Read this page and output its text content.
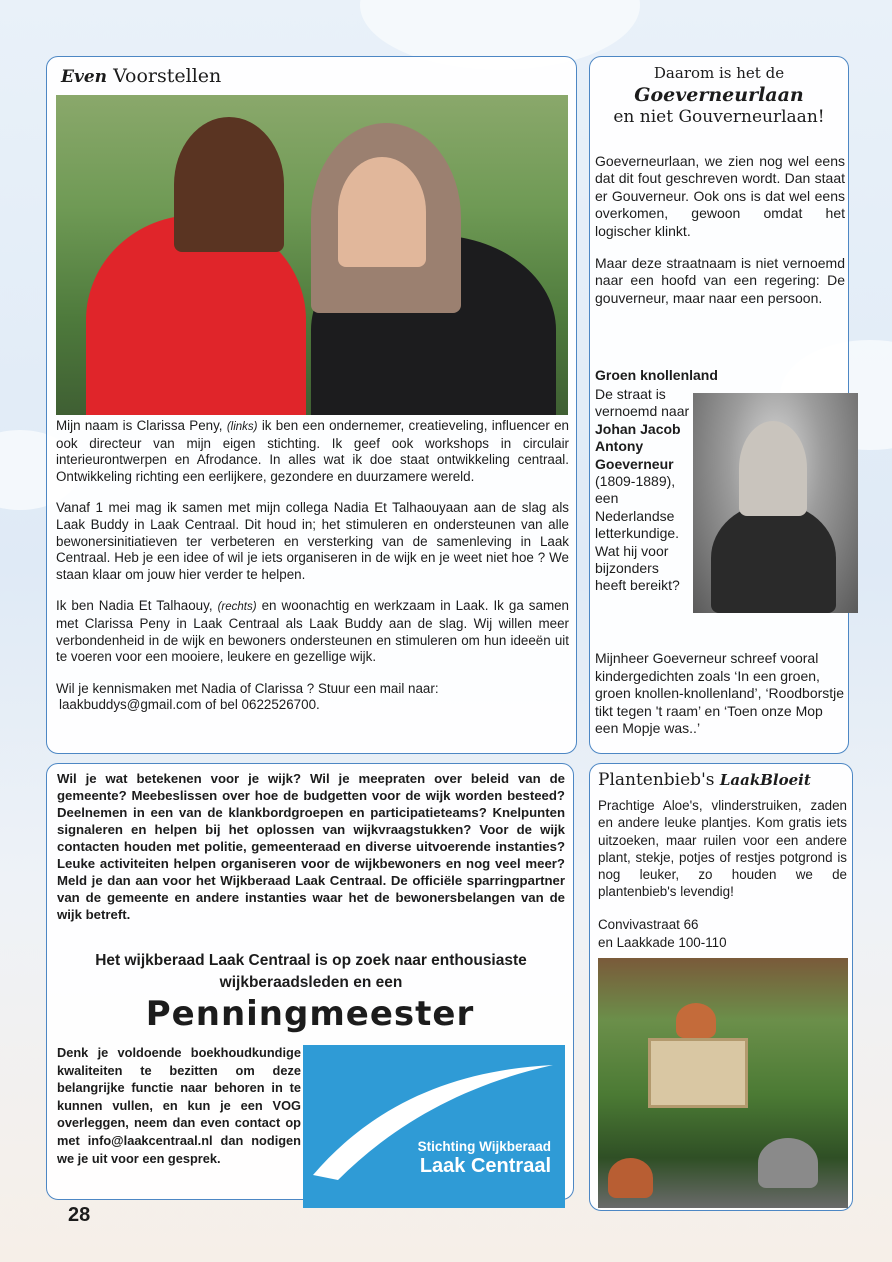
Even Voorstellen

Mijn naam is Clarissa Peny, (links) ik ben een ondernemer, creatieveling, influencer en ook directeur van mijn eigen stichting. Ik geef ook workshops in circulair interieurontwerpen en Afrodance. In alles wat ik doe staat ontwikkeling centraal. Ontwikkeling richting een eerlijkere, gezondere en duurzamere wereld.

Vanaf 1 mei mag ik samen met mijn collega Nadia Et Talhaouyaan aan de slag als Laak Buddy in Laak Centraal. Dit houd in; het stimuleren en ondersteunen van alle bewonersinitiatieven ter verbeteren en versterking van de samenleving in Laak Centraal. Heb je een idee of wil je iets organiseren in de wijk en je weet niet hoe ? We staan klaar om jouw hier verder te helpen.

Ik ben Nadia Et Talhaouy, (rechts) en woonachtig en werkzaam in Laak. Ik ga samen met Clarissa Peny in Laak Centraal als Laak Buddy aan de slag. Wij willen meer verbondenheid in de wijk en bewoners ondersteunen en stimuleren om hun ideeën uit te voeren voor een mooiere, leukere en gezellige wijk.

Wil je kennismaken met Nadia of Clarissa ? Stuur een mail naar:
laakbuddys@gmail.com of bel 0622526700.

Daarom is het de
Goeverneurlaan
en niet Gouverneurlaan!

Goeverneurlaan, we zien nog wel eens dat dit fout geschreven wordt. Dan staat er Gouverneur. Ook ons is dat wel eens overkomen, gewoon omdat het logischer klinkt.

Maar deze straatnaam is niet vernoemd naar een hoofd van een regering: De gouverneur, maar naar een persoon.

Groen knollenland
De straat is vernoemd naar Johan Jacob Antony Goeverneur (1809-1889), een Nederlandse letterkundige. Wat hij voor bijzonders heeft bereikt?

Mijnheer Goeverneur schreef vooral kindergedichten zoals ‘In een groen, groen knollen-knollenland’, ‘Roodborstje tikt tegen 't raam’ en ‘Toen onze Mop een Mopje was..’

Wil je wat betekenen voor je wijk? Wil je meepraten over beleid van de gemeente? Meebeslissen over hoe de budgetten voor de wijk worden besteed? Deelnemen in een van de klankbordgroepen en participatieteams? Knelpunten signaleren en helpen bij het oplossen van wijkvraagstukken? Voor de wijk contacten houden met politie, gemeenteraad en diverse uitvoerende instanties? Leuke activiteiten helpen organiseren voor de wijkbewoners en nog veel meer? Meld je dan aan voor het Wijkberaad Laak Centraal. De officiële sparringpartner van de gemeente en andere instanties waar het de bewonersbelangen van de wijk betreft.

Het wijkberaad Laak Centraal is op zoek naar enthousiaste wijkberaadsleden en een
Penningmeester

Denk je voldoende boekhoudkundige kwaliteiten te bezitten om deze belangrijke functie naar behoren in te kunnen vullen, en kun je een VOG overleggen, neem dan even contact op met info@laakcentraal.nl dan nodigen we je uit voor een gesprek.

Stichting Wijkberaad
Laak Centraal
Plantenbieb's LaakBloeit

Prachtige Aloe's, vlinderstruiken, zaden en andere leuke plantjes. Kom gratis iets uitzoeken, maar ruilen voor een andere plant, stekje, potjes of restjes potgrond is nog leuker, zo houden we de plantenbieb's levendig!

Convivastraat 66
en Laakkade 100-110
28
